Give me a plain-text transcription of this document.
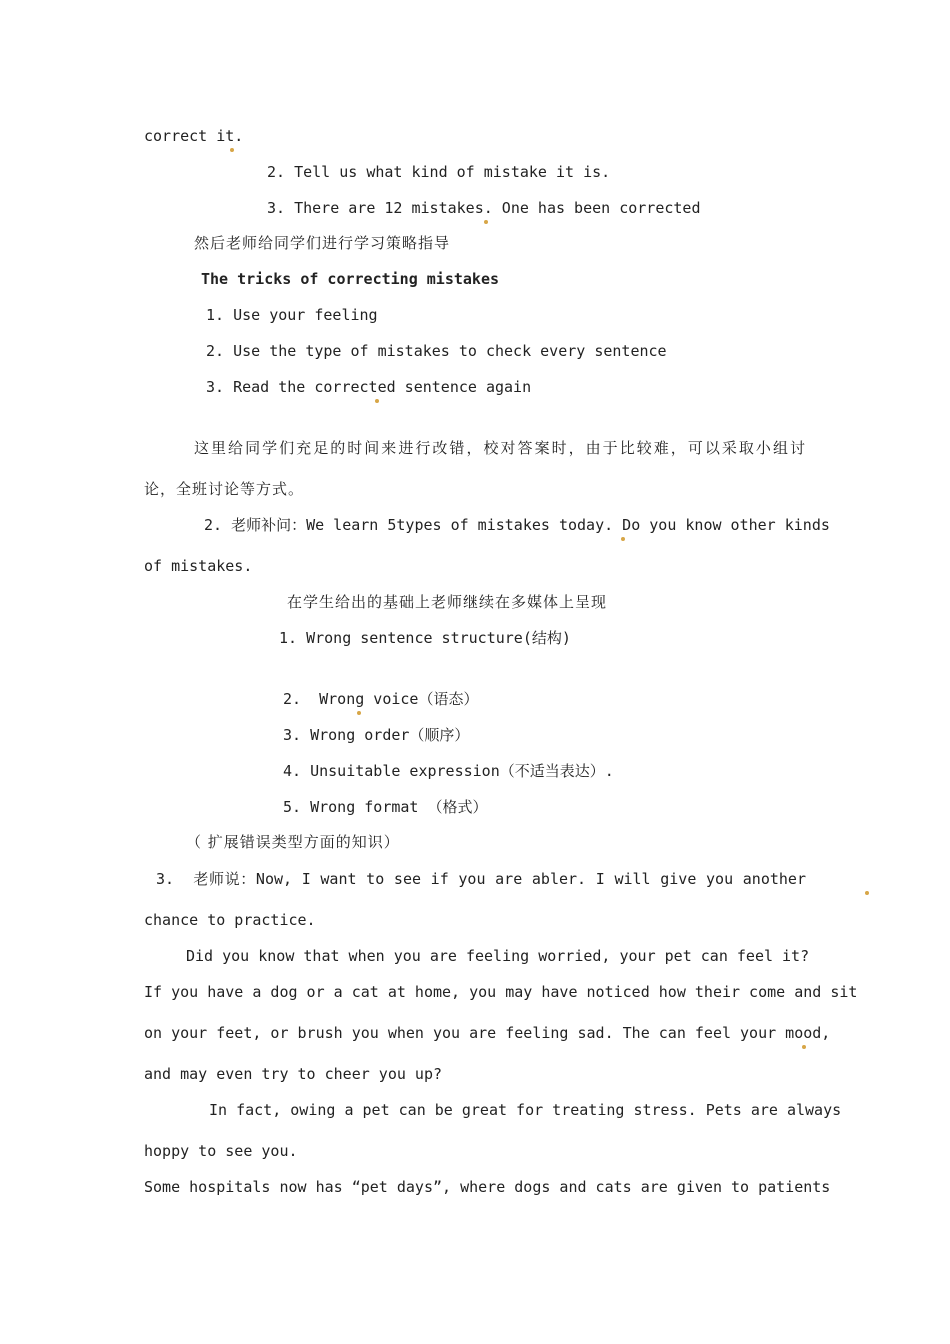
correct it.
2. Tell us what kind of mistake it is.
3. There are 12 mistakes. One has been corrected
然后老师给同学们进行学习策略指导
The tricks of correcting mistakes
1. Use your feeling
2. Use the type of mistakes to check every sentence
3. Read the corrected sentence again
这里给同学们充足的时间来进行改错，校对答案时，由于比较难，可以采取小组讨
论，全班讨论等方式。
2. 老师补问：We learn 5types of mistakes today. Do you know other kinds
of mistakes.
在学生给出的基础上老师继续在多媒体上呈现
1. Wrong sentence structure(结构)
2.  Wrong voice（语态）
3. Wrong order（顺序）
4. Unsuitable expression（不适当表达）.
5. Wrong format （格式）
（ 扩展错误类型方面的知识）
3.  老师说：Now, I want to see if you are abler. I will give you another
chance to practice.
Did you know that when you are feeling worried, your pet can feel it?
If you have a dog or a cat at home, you may have noticed how their come and sit
on your feet, or brush you when you are feeling sad. The can feel your mood,
and may even try to cheer you up?
In fact, owing a pet can be great for treating stress. Pets are always
hoppy to see you.
Some hospitals now has “pet days”, where dogs and cats are given to patients
